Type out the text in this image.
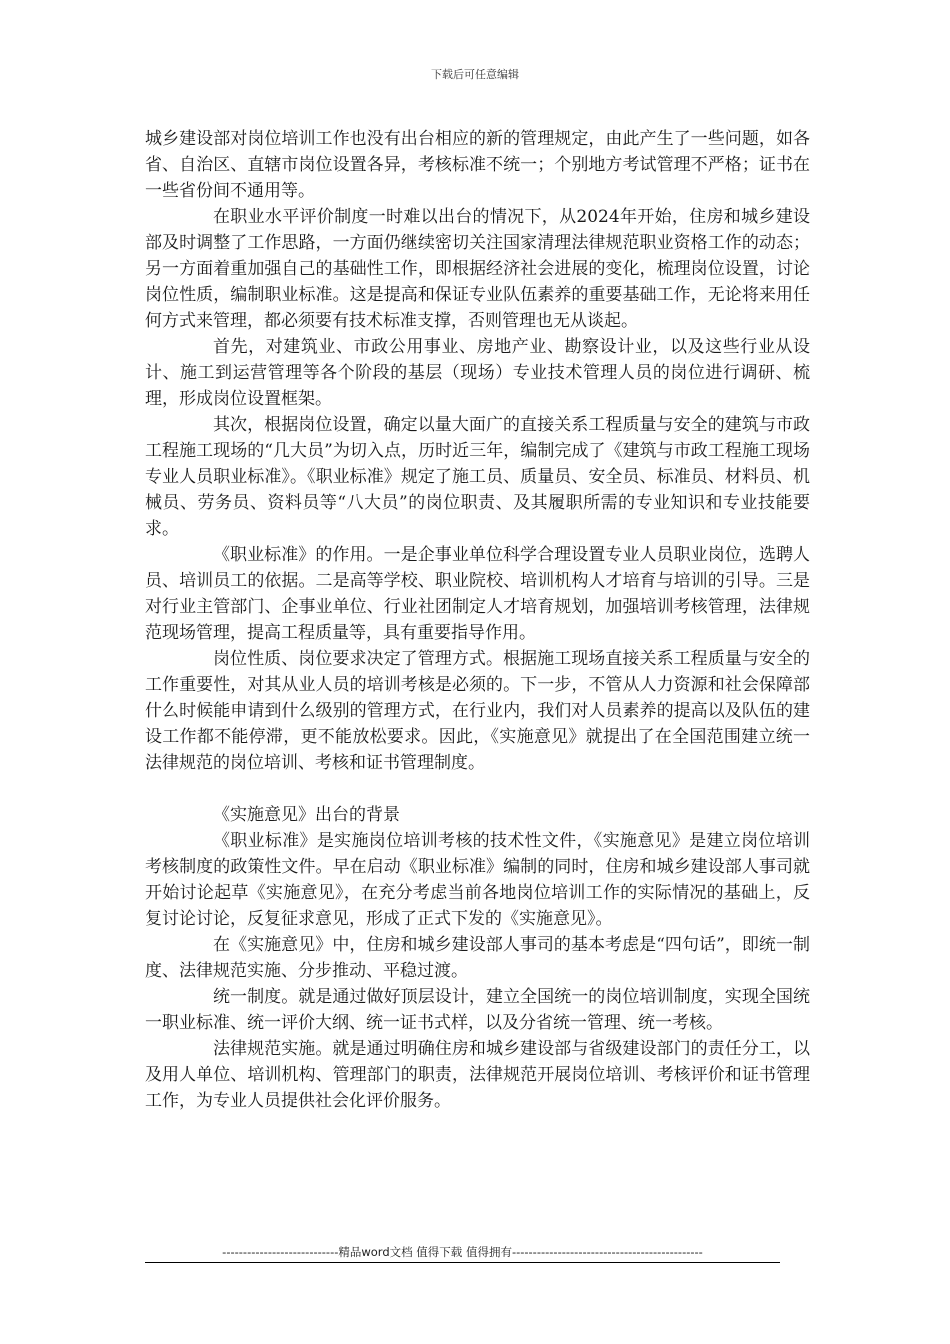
下载后可任意编辑

城乡建设部对岗位培训工作也没有出台相应的新的管理规定，由此产生了一些问题，如各省、自治区、直辖市岗位设置各异，考核标准不统一；个别地方考试管理不严格；证书在一些省份间不通用等。

在职业水平评价制度一时难以出台的情况下，从2024年开始，住房和城乡建设部及时调整了工作思路，一方面仍继续密切关注国家清理法律规范职业资格工作的动态；另一方面着重加强自己的基础性工作，即根据经济社会进展的变化，梳理岗位设置，讨论岗位性质，编制职业标准。这是提高和保证专业队伍素养的重要基础工作，无论将来用任何方式来管理，都必须要有技术标准支撑，否则管理也无从谈起。

首先，对建筑业、市政公用事业、房地产业、勘察设计业，以及这些行业从设计、施工到运营管理等各个阶段的基层（现场）专业技术管理人员的岗位进行调研、梳理，形成岗位设置框架。

其次，根据岗位设置，确定以量大面广的直接关系工程质量与安全的建筑与市政工程施工现场的“几大员”为切入点，历时近三年，编制完成了《建筑与市政工程施工现场专业人员职业标准》。《职业标准》规定了施工员、质量员、安全员、标准员、材料员、机械员、劳务员、资料员等“八大员”的岗位职责、及其履职所需的专业知识和专业技能要求。

《职业标准》的作用。一是企事业单位科学合理设置专业人员职业岗位，选聘人员、培训员工的依据。二是高等学校、职业院校、培训机构人才培育与培训的引导。三是对行业主管部门、企事业单位、行业社团制定人才培育规划，加强培训考核管理，法律规范现场管理，提高工程质量等，具有重要指导作用。

岗位性质、岗位要求决定了管理方式。根据施工现场直接关系工程质量与安全的工作重要性，对其从业人员的培训考核是必须的。下一步，不管从人力资源和社会保障部什么时候能申请到什么级别的管理方式，在行业内，我们对人员素养的提高以及队伍的建设工作都不能停滞，更不能放松要求。因此，《实施意见》就提出了在全国范围建立统一法律规范的岗位培训、考核和证书管理制度。

《实施意见》出台的背景

《职业标准》是实施岗位培训考核的技术性文件，《实施意见》是建立岗位培训考核制度的政策性文件。早在启动《职业标准》编制的同时，住房和城乡建设部人事司就开始讨论起草《实施意见》，在充分考虑当前各地岗位培训工作的实际情况的基础上，反复讨论讨论，反复征求意见，形成了正式下发的《实施意见》。

在《实施意见》中，住房和城乡建设部人事司的基本考虑是“四句话”，即统一制度、法律规范实施、分步推动、平稳过渡。

统一制度。就是通过做好顶层设计，建立全国统一的岗位培训制度，实现全国统一职业标准、统一评价大纲、统一证书式样，以及分省统一管理、统一考核。

法律规范实施。就是通过明确住房和城乡建设部与省级建设部门的责任分工，以及用人单位、培训机构、管理部门的职责，法律规范开展岗位培训、考核评价和证书管理工作，为专业人员提供社会化评价服务。

----------------------------精品word文档 值得下载 值得拥有----------------------------------------------
